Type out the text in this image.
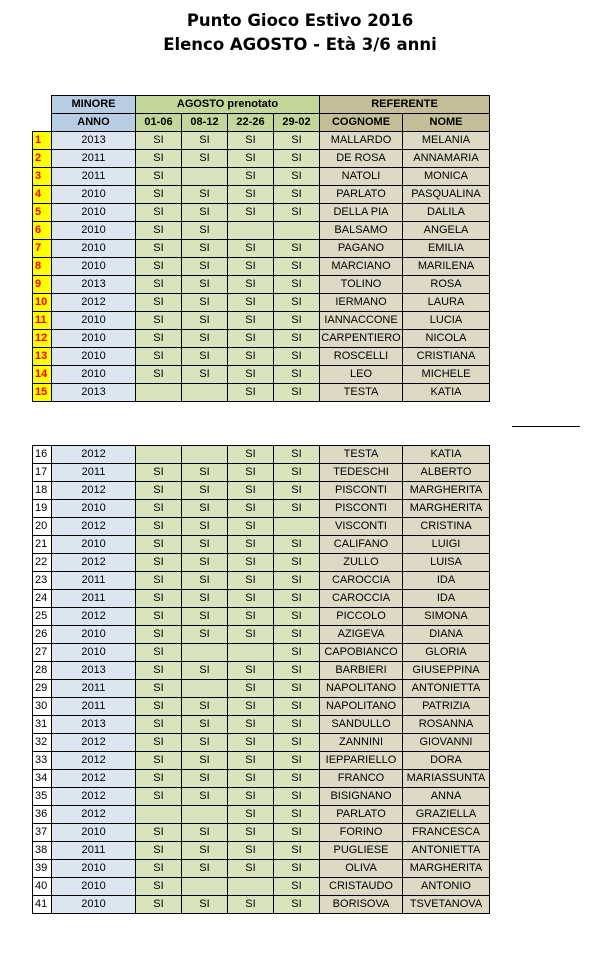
Punto Gioco Estivo 2016
Elenco AGOSTO - Età 3/6 anni
	MINORE	AGOSTO prenotato				REFERENTE	
	ANNO	01-06	08-12	22-26	29-02	COGNOME	NOME
1	2013	SI	SI	SI	SI	MALLARDO	MELANIA
2	2011	SI	SI	SI	SI	DE ROSA	ANNAMARIA
3	2011	SI		SI	SI	NATOLI	MONICA
4	2010	SI	SI	SI	SI	PARLATO	PASQUALINA
5	2010	SI	SI	SI	SI	DELLA PIA	DALILA
6	2010	SI	SI			BALSAMO	ANGELA
7	2010	SI	SI	SI	SI	PAGANO	EMILIA
8	2010	SI	SI	SI	SI	MARCIANO	MARILENA
9	2013	SI	SI	SI	SI	TOLINO	ROSA
10	2012	SI	SI	SI	SI	IERMANO	LAURA
11	2010	SI	SI	SI	SI	IANNACCONE	LUCIA
12	2010	SI	SI	SI	SI	CARPENTIERO	NICOLA
13	2010	SI	SI	SI	SI	ROSCELLI	CRISTIANA
14	2010	SI	SI	SI	SI	LEO	MICHELE
15	2013			SI	SI	TESTA	KATIA
16	2012			SI	SI	TESTA	KATIA
17	2011	SI	SI	SI	SI	TEDESCHI	ALBERTO
18	2012	SI	SI	SI	SI	PISCONTI	MARGHERITA
19	2010	SI	SI	SI	SI	PISCONTI	MARGHERITA
20	2012	SI	SI	SI		VISCONTI	CRISTINA
21	2010	SI	SI	SI	SI	CALIFANO	LUIGI
22	2012	SI	SI	SI	SI	ZULLO	LUISA
23	2011	SI	SI	SI	SI	CAROCCIA	IDA
24	2011	SI	SI	SI	SI	CAROCCIA	IDA
25	2012	SI	SI	SI	SI	PICCOLO	SIMONA
26	2010	SI	SI	SI	SI	AZIGEVA	DIANA
27	2010	SI			SI	CAPOBIANCO	GLORIA
28	2013	SI	SI	SI	SI	BARBIERI	GIUSEPPINA
29	2011	SI		SI	SI	NAPOLITANO	ANTONIETTA
30	2011	SI	SI	SI	SI	NAPOLITANO	PATRIZIA
31	2013	SI	SI	SI	SI	SANDULLO	ROSANNA
32	2012	SI	SI	SI	SI	ZANNINI	GIOVANNI
33	2012	SI	SI	SI	SI	IEPPARIELLO	DORA
34	2012	SI	SI	SI	SI	FRANCO	MARIASSUNTA
35	2012	SI	SI	SI	SI	BISIGNANO	ANNA
36	2012			SI	SI	PARLATO	GRAZIELLA
37	2010	SI	SI	SI	SI	FORINO	FRANCESCA
38	2011	SI	SI	SI	SI	PUGLIESE	ANTONIETTA
39	2010	SI	SI	SI	SI	OLIVA	MARGHERITA
40	2010	SI			SI	CRISTAUDO	ANTONIO
41	2010	SI	SI	SI	SI	BORISOVA	TSVETANOVA
